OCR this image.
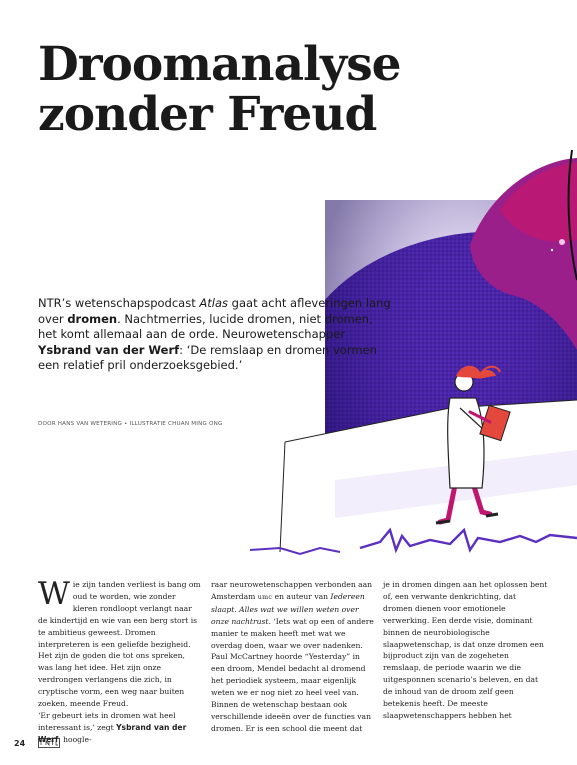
Droomanalyse
zonder Freud

NTR’s wetenschapspodcast Atlas gaat acht afleveringen lang over dromen. Nachtmerries, lucide dromen, niet dromen, het komt allemaal aan de orde. Neurowetenschapper Ysbrand van der Werf: ‘De remslaap en dromen vormen een relatief pril onderzoeksgebied.’

DOOR HANS VAN WETERING • ILLUSTRATIE CHUAN MING ONG

Wie zijn tanden verliest is bang om oud te worden, wie zonder kleren rondloopt verlangt naar de kindertijd en wie van een berg stort is te ambitieus geweest. Dromen interpreteren is een geliefde bezigheid. Het zijn de goden die tot ons spreken, was lang het idee. Het zijn onze verdrongen verlangens die zich, in cryptische vorm, een weg naar buiten zoeken, meende Freud.
‘Er gebeurt iets in dromen wat heel interessant is,’ zegt Ysbrand van der Werf, hoogle-

raar neurowetenschappen verbonden aan Amsterdam umc en auteur van Iedereen slaapt. Alles wat we willen weten over onze nachtrust. ‘Iets wat op een of andere manier te maken heeft met wat we overdag doen, waar we over nadenken. Paul McCartney hoorde “Yesterday” in een droom, Mendel bedacht al dromend het periodiek systeem, maar eigenlijk weten we er nog niet zo heel veel van. Binnen de wetenschap bestaan ook verschillende ideeën over de functies van dromen. Er is een school die meent dat

je in dromen dingen aan het oplossen bent of, een verwante denkrichting, dat dromen dienen voor emotionele verwerking. Een derde visie, dominant binnen de neurobiologische slaapwetenschap, is dat onze dromen een bijproduct zijn van de zogeheten remslaap, de periode waarin we die uitgesponnen scenario’s beleven, en dat de inhoud van de droom zelf geen betekenis heeft. De meeste slaapwetenschappers hebben het

24
